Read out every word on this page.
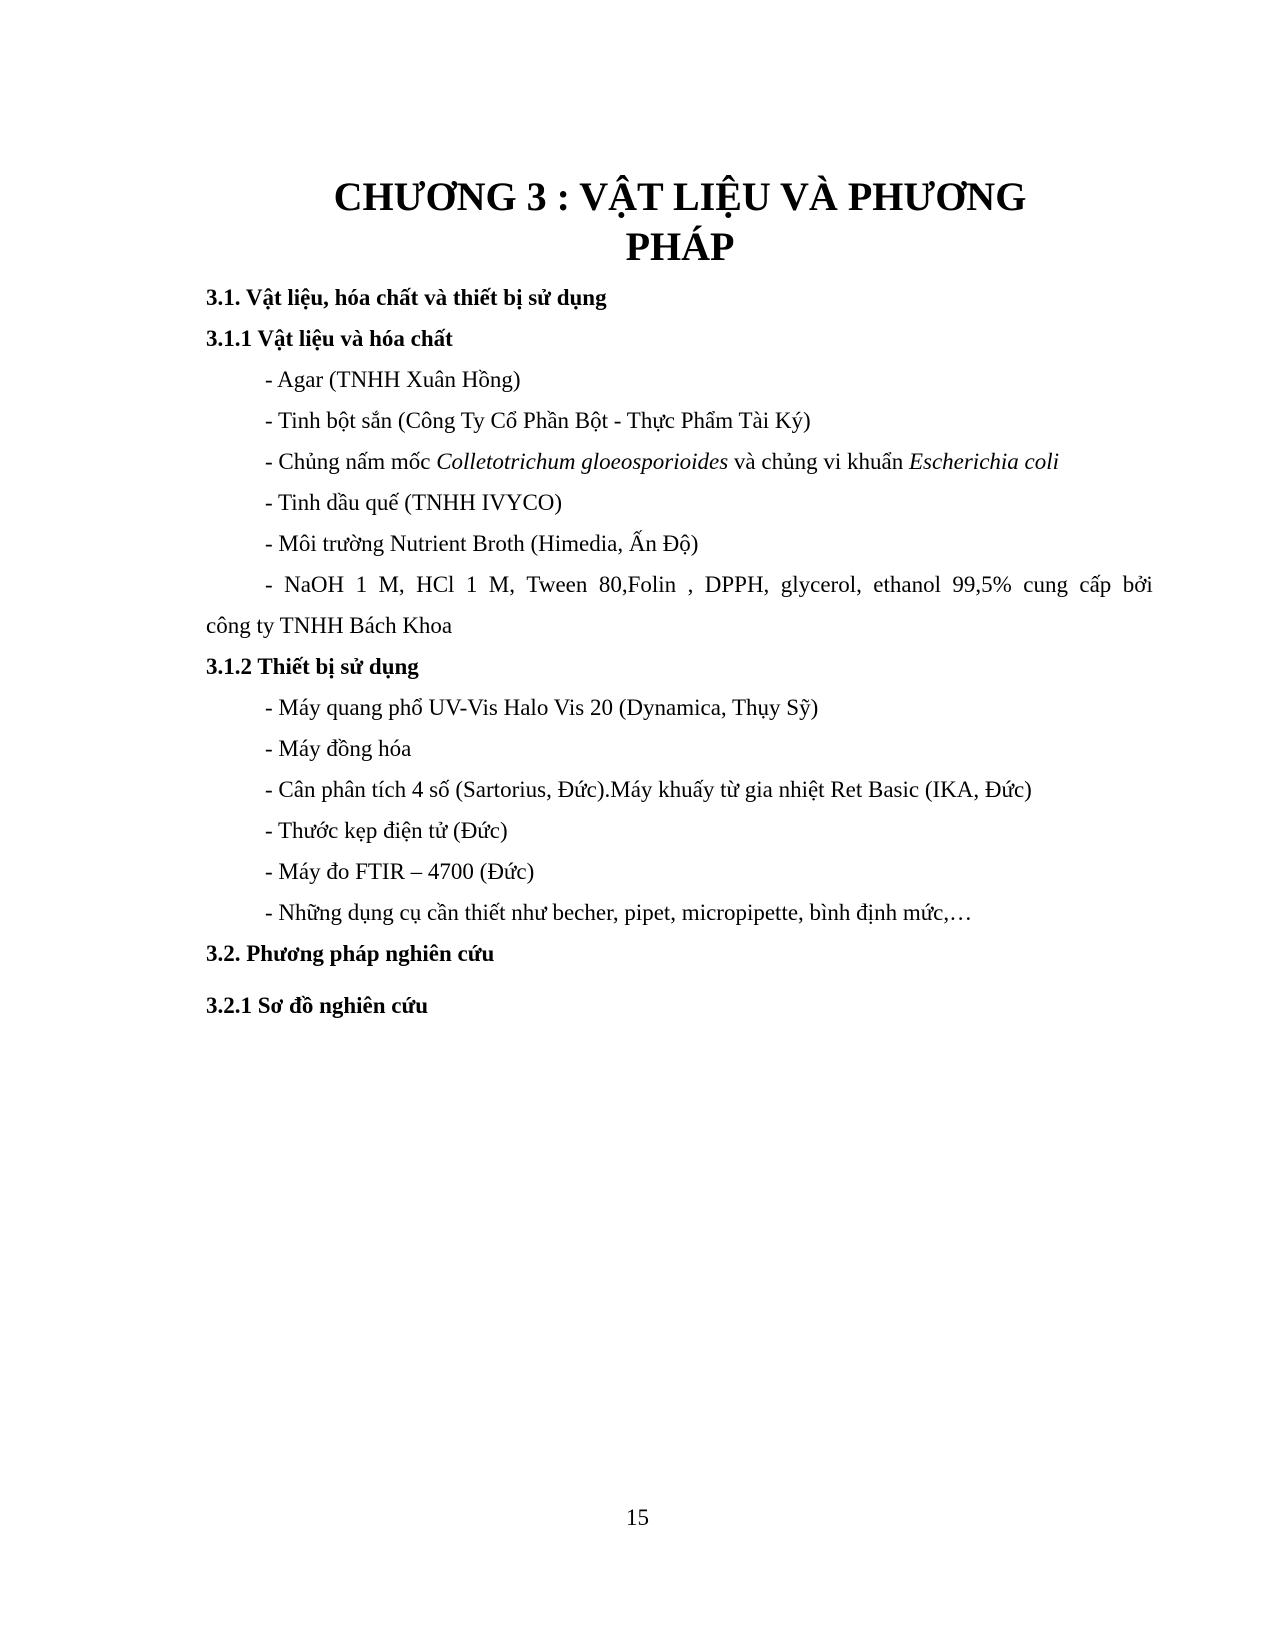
CHƯƠNG 3 : VẬT LIỆU VÀ PHƯƠNG
PHÁP

3.1. Vật liệu, hóa chất và thiết bị sử dụng

3.1.1 Vật liệu và hóa chất

- Agar (TNHH Xuân Hồng)

- Tinh bột sắn (Công Ty Cổ Phần Bột - Thực Phẩm Tài Ký)

- Chủng nấm mốc Colletotrichum gloeosporioides và chủng vi khuẩn Escherichia coli

- Tinh dầu quế (TNHH IVYCO)

- Môi trường Nutrient Broth (Himedia, Ấn Độ)

- NaOH 1 M, HCl 1 M, Tween 80,Folin , DPPH, glycerol, ethanol 99,5% cung cấp bởi

công ty TNHH Bách Khoa

3.1.2 Thiết bị sử dụng

- Máy quang phổ UV-Vis Halo Vis 20 (Dynamica, Thụy Sỹ)

- Máy đồng hóa

- Cân phân tích 4 số (Sartorius, Đức).Máy khuấy từ gia nhiệt Ret Basic (IKA, Đức)

- Thước kẹp điện tử (Đức)

- Máy đo FTIR – 4700 (Đức)

- Những dụng cụ cần thiết như becher, pipet, micropipette, bình định mức,…

3.2. Phương pháp nghiên cứu

3.2.1 Sơ đồ nghiên cứu

15
